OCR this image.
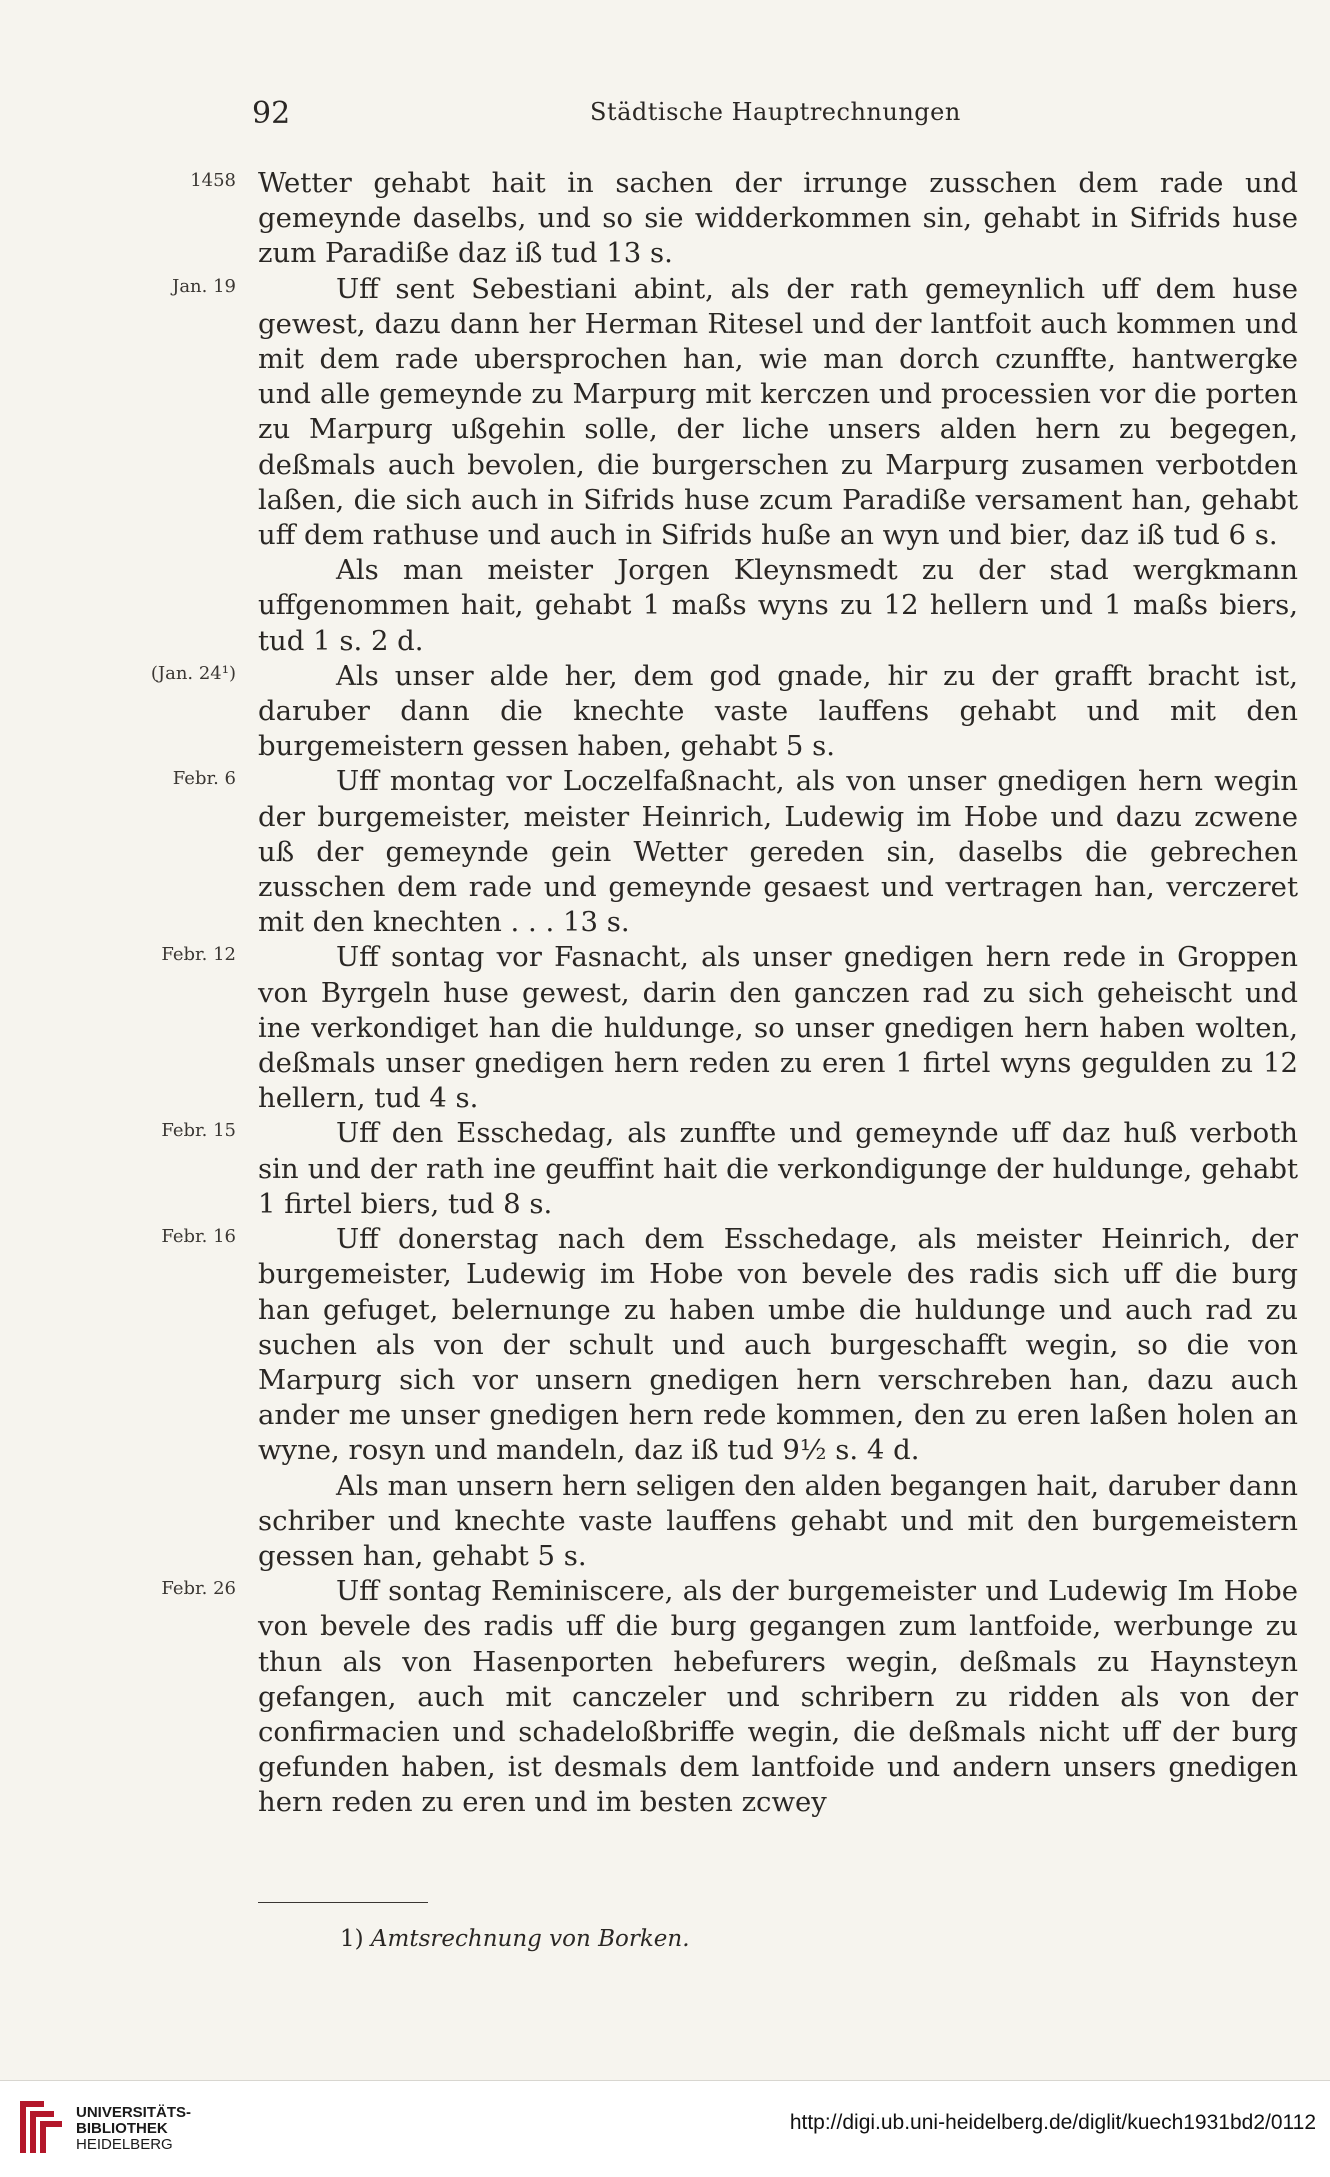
92	Städtische Hauptrechnungen

1458 Wetter gehabt hait in sachen der irrunge zusschen dem rade und gemeynde daselbs, und so sie widderkommen sin, gehabt in Sifrids huse zum Paradiße daz iß tud 13 s.

Jan. 19	Uff sent Sebestiani abint, als der rath gemeynlich uff dem huse gewest, dazu dann her Herman Ritesel und der lantfoit auch kommen und mit dem rade ubersprochen han, wie man dorch czunffte, hantwergke und alle gemeynde zu Marpurg mit kerczen und processien vor die porten zu Marpurg ußgehin solle, der liche unsers alden hern zu begegen, deßmals auch bevolen, die burgerschen zu Marpurg zusamen verbotden laßen, die sich auch in Sifrids huse zcum Paradiße versament han, gehabt uff dem rathuse und auch in Sifrids huße an wyn und bier, daz iß tud 6 s.

Als man meister Jorgen Kleynsmedt zu der stad wergkmann uffgenommen hait, gehabt 1 maßs wyns zu 12 hellern und 1 maßs biers, tud 1 s. 2 d.

(Jan. 24¹)	Als unser alde her, dem god gnade, hir zu der grafft bracht ist, daruber dann die knechte vaste lauffens gehabt und mit den burgemeistern gessen haben, gehabt 5 s.

Febr. 6	Uff montag vor Loczelfaßnacht, als von unser gnedigen hern wegin der burgemeister, meister Heinrich, Ludewig im Hobe und dazu zcwene uß der gemeynde gein Wetter gereden sin, daselbs die gebrechen zusschen dem rade und gemeynde gesaest und vertragen han, verczeret mit den knechten . . . 13 s.

Febr. 12	Uff sontag vor Fasnacht, als unser gnedigen hern rede in Groppen von Byrgeln huse gewest, darin den ganczen rad zu sich geheischt und ine verkondiget han die huldunge, so unser gnedigen hern haben wolten, deßmals unser gnedigen hern reden zu eren 1 firtel wyns gegulden zu 12 hellern, tud 4 s.

Febr. 15	Uff den Esschedag, als zunffte und gemeynde uff daz huß verboth sin und der rath ine geuffint hait die verkondigunge der huldunge, gehabt 1 firtel biers, tud 8 s.

Febr. 16	Uff donerstag nach dem Esschedage, als meister Heinrich, der burgemeister, Ludewig im Hobe von bevele des radis sich uff die burg han gefuget, belernunge zu haben umbe die huldunge und auch rad zu suchen als von der schult und auch burgeschafft wegin, so die von Marpurg sich vor unsern gnedigen hern verschreben han, dazu auch ander me unser gnedigen hern rede kommen, den zu eren laßen holen an wyne, rosyn und mandeln, daz iß tud 9½ s. 4 d.

Als man unsern hern seligen den alden begangen hait, daruber dann schriber und knechte vaste lauffens gehabt und mit den burgemeistern gessen han, gehabt 5 s.

Febr. 26	Uff sontag Reminiscere, als der burgemeister und Ludewig Im Hobe von bevele des radis uff die burg gegangen zum lantfoide, werbunge zu thun als von Hasenporten hebefurers wegin, deßmals zu Haynsteyn gefangen, auch mit canczeler und schribern zu ridden als von der confirmacien und schadeloßbriffe wegin, die deßmals nicht uff der burg gefunden haben, ist desmals dem lantfoide und andern unsers gnedigen hern reden zu eren und im besten zcwey

1) Amtsrechnung von Borken.
UNIVERSITÄTS-
BIBLIOTHEK
HEIDELBERG
http://digi.ub.uni-heidelberg.de/diglit/kuech1931bd2/0112
